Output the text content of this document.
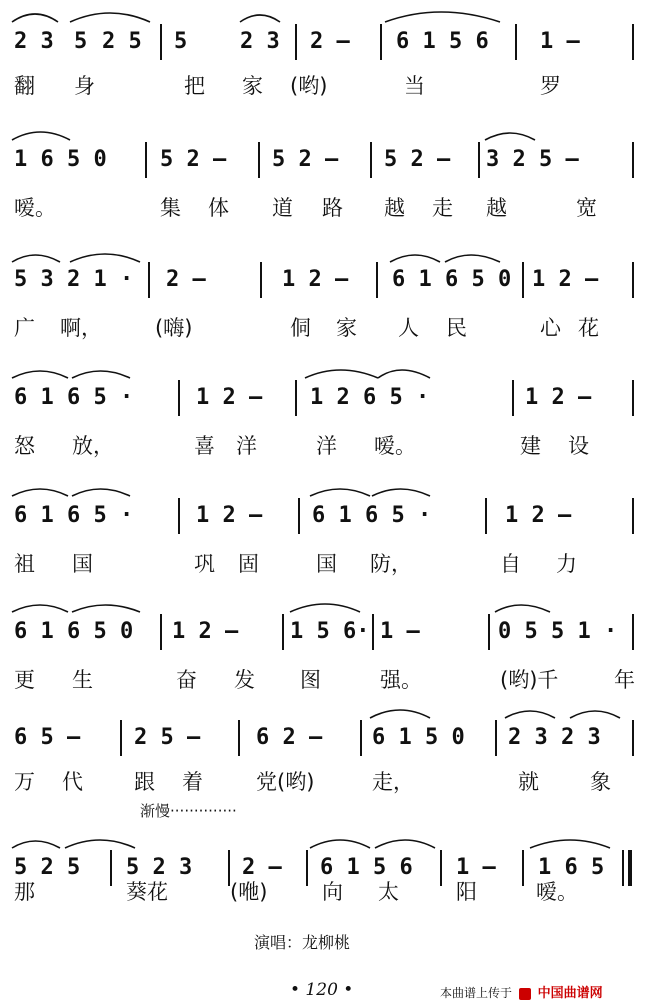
2 3 5 2 5 5 2 3 2 – 6 1 5 6 1 –
翻 身	把 家 (哟)	当	罗
1 6 5 0 5 2 – 5 2 – 5 2 – 3 2 5 –
嗳。	集 体 道 路 越 走 越	宽
5 3 2 1 · 2 –	1 2 – 6 1 6 5 0 1 2 –
广 啊，	(嗨)	侗 家 人 民	心 花
6 1 6 5 ·	1 2 – 1 2 6 5 ·	1 2 –
怒 放，	喜 洋	洋 嗳。	建 设
6 1 6 5 ·	1 2 – 6 1 6 5 ·	1 2 –
祖 国	巩 固	国 防，	自 力
6 1 6 5 0 1 2 – 1 5 6· 1 –	0 5 5 1 ·
更 生	奋 发 图	强。	(哟)千	年
6 5 – 2 5 –	6 2 – 6 1 5 0 2 3 2 3
万 代 跟 着	党(哟)	走，	就 象
渐慢··············
5 2 5 5 2 3 2 – 6 1 5 6 1 – 1 6 5
那	葵花	(咃)	向 太	阳	嗳。
演唱：龙柳桃
• 120 •	本曲谱上传于 中国曲谱网
